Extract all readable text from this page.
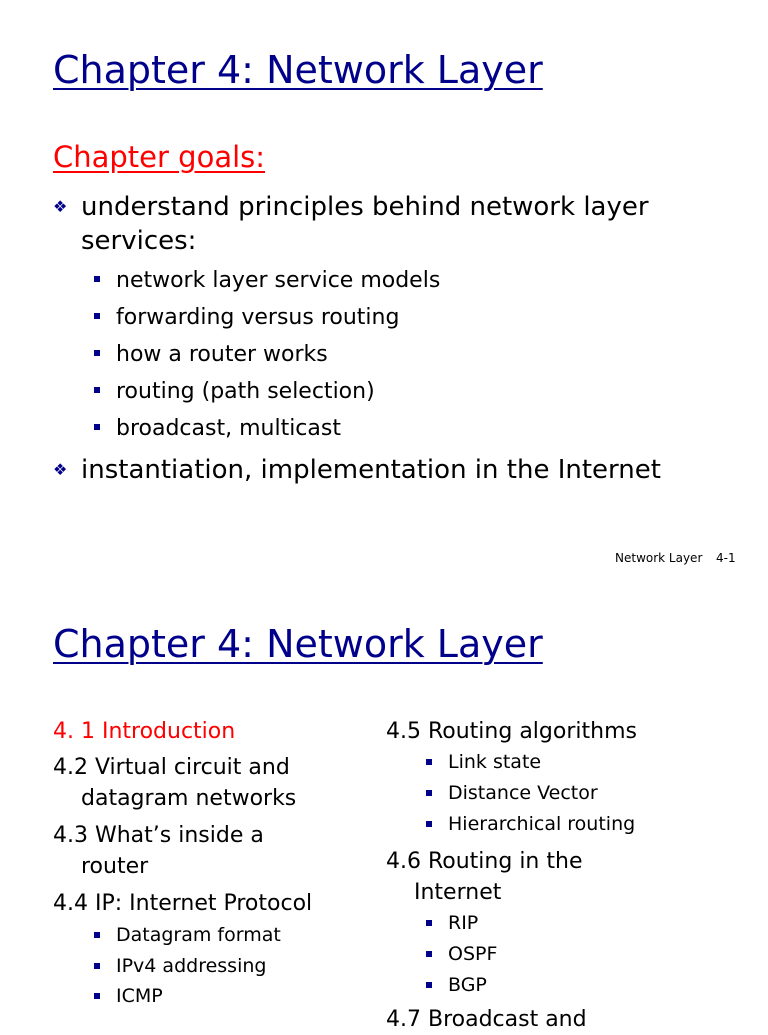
Chapter 4: Network Layer
Chapter goals:
❖ understand principles behind network layer services:
network layer service models
forwarding versus routing
how a router works
routing (path selection)
broadcast, multicast
❖ instantiation, implementation in the Internet
Network Layer 4-1
Chapter 4: Network Layer
4. 1 Introduction
4.2 Virtual circuit and
datagram networks
4.3 What’s inside a
router
4.4 IP: Internet Protocol
Datagram format
IPv4 addressing
ICMP
4.5 Routing algorithms
Link state
Distance Vector
Hierarchical routing
4.6 Routing in the
Internet
RIP
OSPF
BGP
4.7 Broadcast and
